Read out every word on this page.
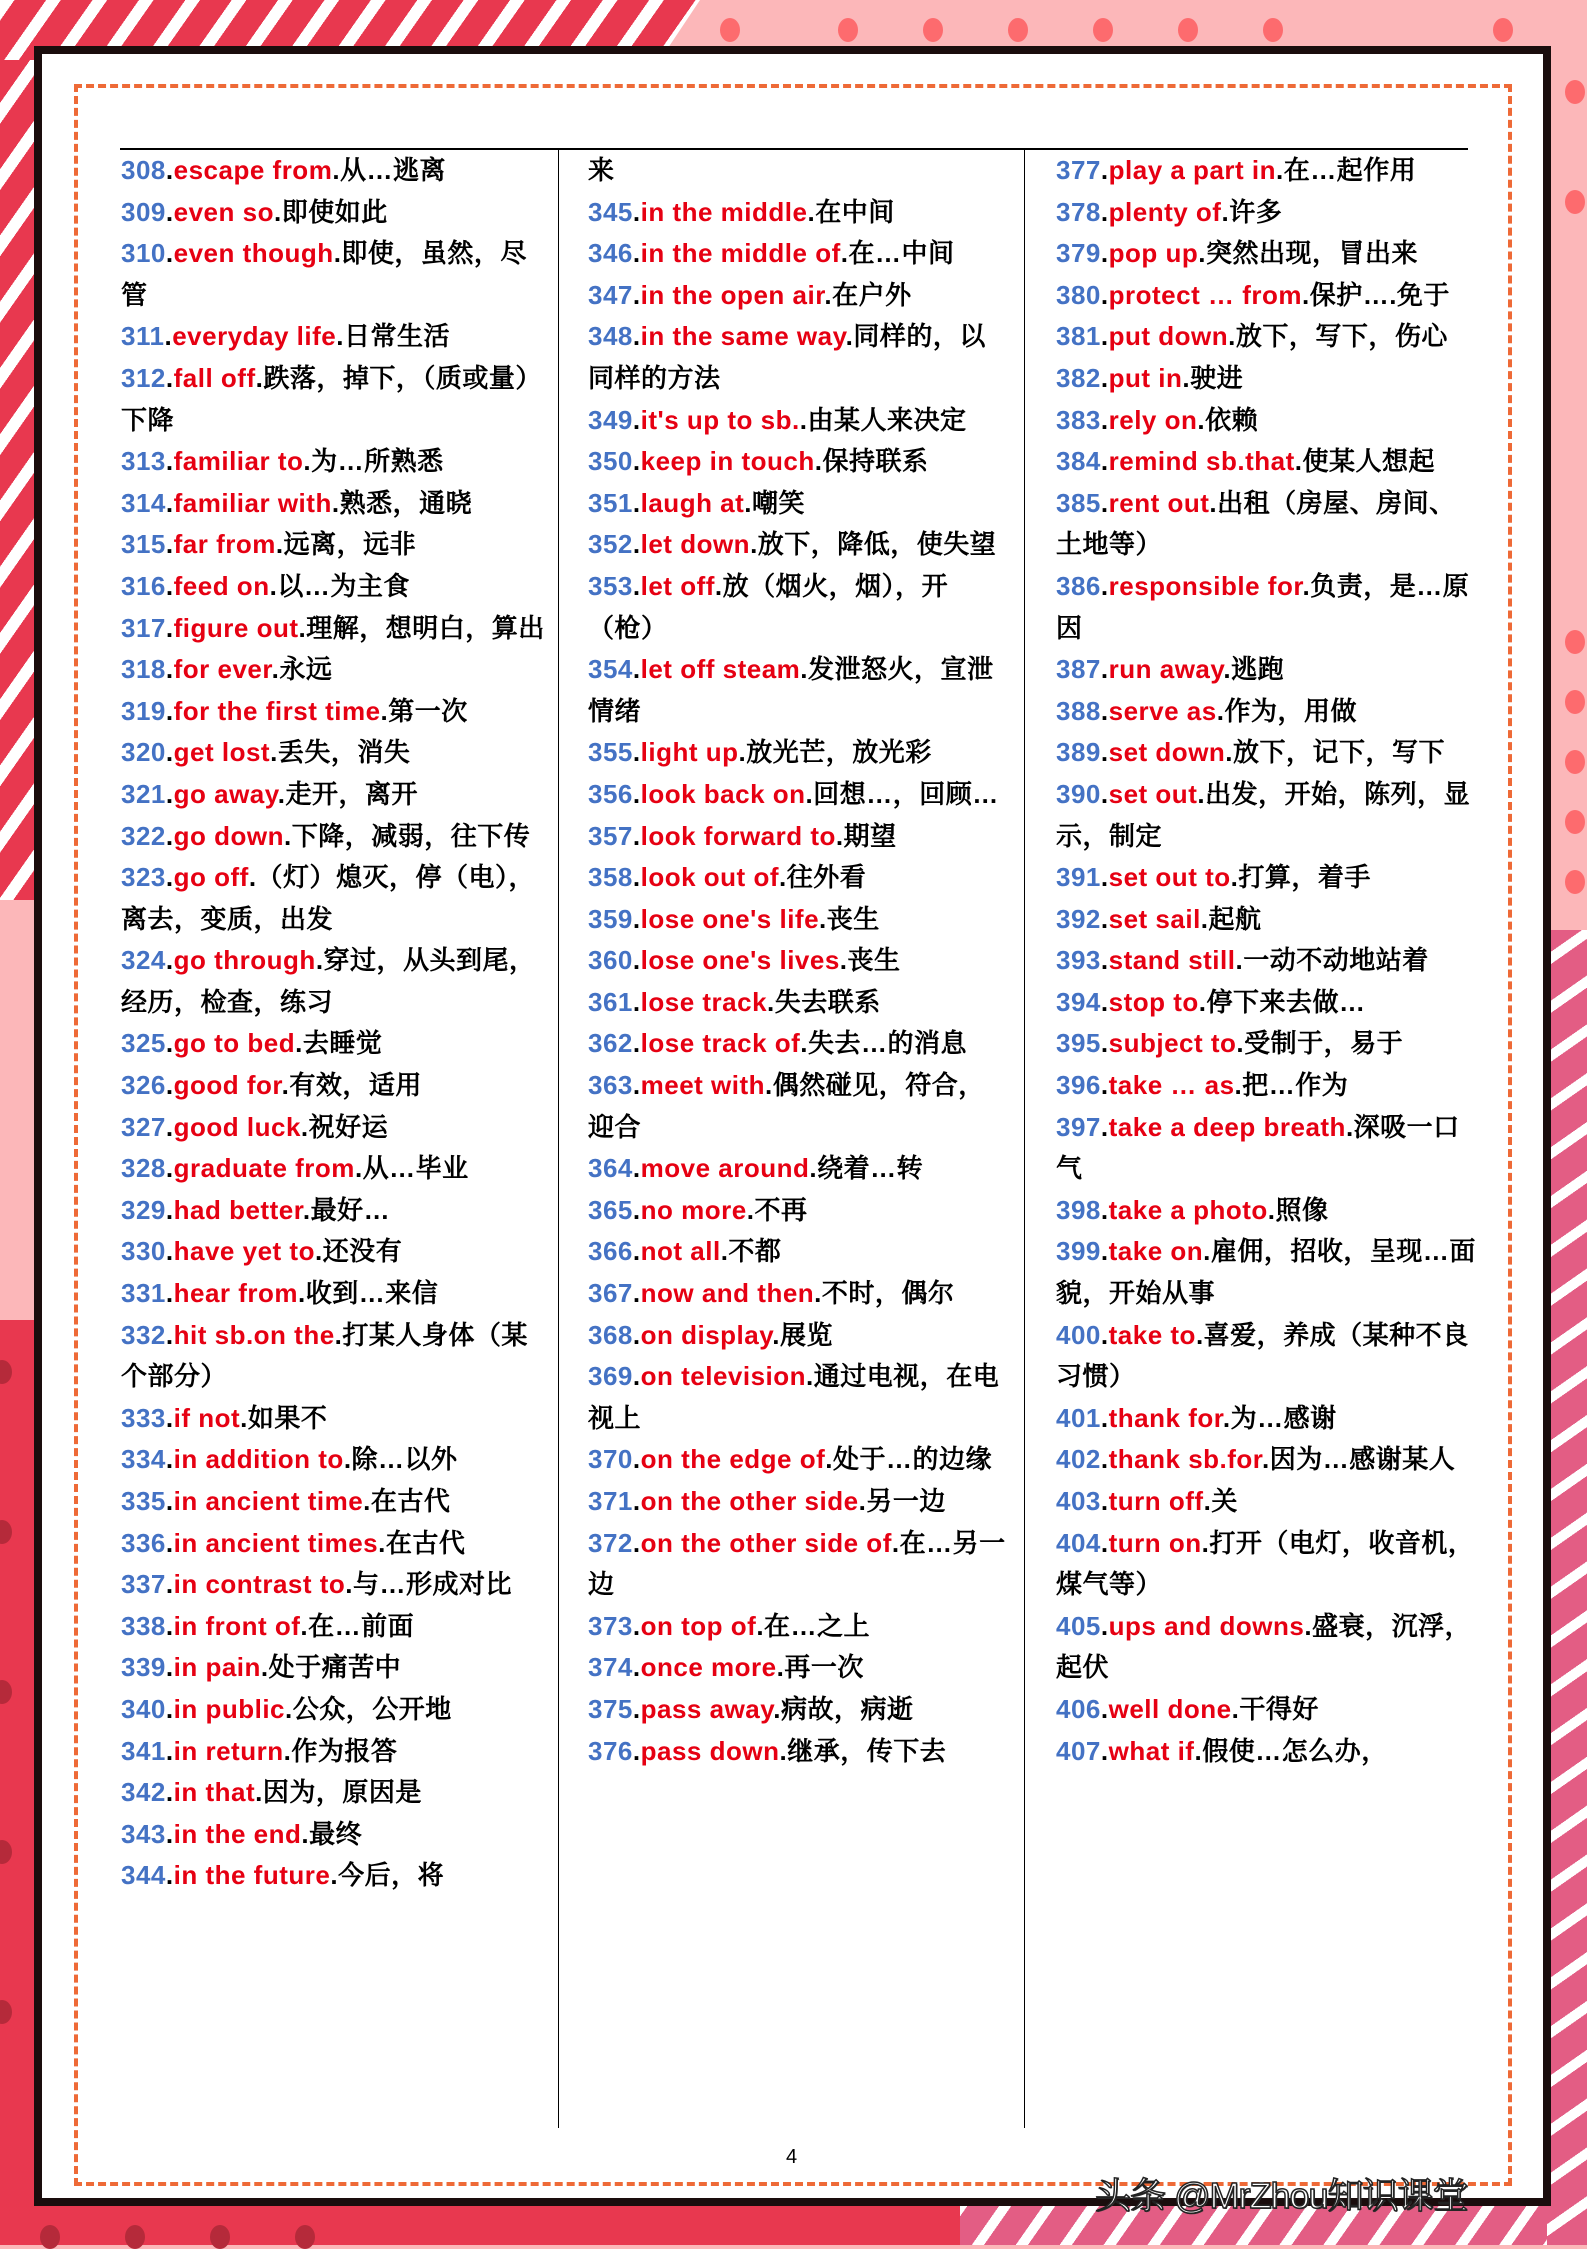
308.escape from.从…逃离
309.even so.即使如此
310.even though.即使，虽然，尽管
311.everyday life.日常生活
312.fall off.跌落，掉下，（质或量）下降
313.familiar to.为…所熟悉
314.familiar with.熟悉，通晓
315.far from.远离，远非
316.feed on.以…为主食
317.figure out.理解，想明白，算出
318.for ever.永远
319.for the first time.第一次
320.get lost.丢失，消失
321.go away.走开，离开
322.go down.下降，减弱，往下传
323.go off.（灯）熄灭，停（电），离去，变质，出发
324.go through.穿过，从头到尾，经历，检查，练习
325.go to bed.去睡觉
326.good for.有效，适用
327.good luck.祝好运
328.graduate from.从…毕业
329.had better.最好…
330.have yet to.还没有
331.hear from.收到…来信
332.hit sb.on the.打某人身体（某个部分）
333.if not.如果不
334.in addition to.除…以外
335.in ancient time.在古代
336.in ancient times.在古代
337.in contrast to.与…形成对比
338.in front of.在…前面
339.in pain.处于痛苦中
340.in public.公众，公开地
341.in return.作为报答
342.in that.因为，原因是
343.in the end.最终
344.in the future.今后，将
来
345.in the middle.在中间
346.in the middle of.在…中间
347.in the open air.在户外
348.in the same way.同样的，以同样的方法
349.it's up to sb..由某人来决定
350.keep in touch.保持联系
351.laugh at.嘲笑
352.let down.放下，降低，使失望
353.let off.放（烟火，烟），开（枪）
354.let off steam.发泄怒火，宣泄情绪
355.light up.放光芒，放光彩
356.look back on.回想…，回顾…
357.look forward to.期望
358.look out of.往外看
359.lose one's life.丧生
360.lose one's lives.丧生
361.lose track.失去联系
362.lose track of.失去…的消息
363.meet with.偶然碰见，符合，迎合
364.move around.绕着…转
365.no more.不再
366.not all.不都
367.now and then.不时，偶尔
368.on display.展览
369.on television.通过电视，在电视上
370.on the edge of.处于…的边缘
371.on the other side.另一边
372.on the other side of.在…另一边
373.on top of.在…之上
374.once more.再一次
375.pass away.病故，病逝
376.pass down.继承，传下去
377.play a part in.在…起作用
378.plenty of.许多
379.pop up.突然出现，冒出来
380.protect … from.保护….免于
381.put down.放下，写下，伤心
382.put in.驶进
383.rely on.依赖
384.remind sb.that.使某人想起
385.rent out.出租（房屋、房间、土地等）
386.responsible for.负责，是…原因
387.run away.逃跑
388.serve as.作为，用做
389.set down.放下，记下，写下
390.set out.出发，开始，陈列，显示，制定
391.set out to.打算，着手
392.set sail.起航
393.stand still.一动不动地站着
394.stop to.停下来去做…
395.subject to.受制于，易于
396.take … as.把…作为
397.take a deep breath.深吸一口气
398.take a photo.照像
399.take on.雇佣，招收，呈现…面貌，开始从事
400.take to.喜爱，养成（某种不良习惯）
401.thank for.为…感谢
402.thank sb.for.因为…感谢某人
403.turn off.关
404.turn on.打开（电灯，收音机，煤气等）
405.ups and downs.盛衰，沉浮，起伏
406.well done.干得好
407.what if.假使…怎么办，
4
头条 @MrZhou知识课堂
